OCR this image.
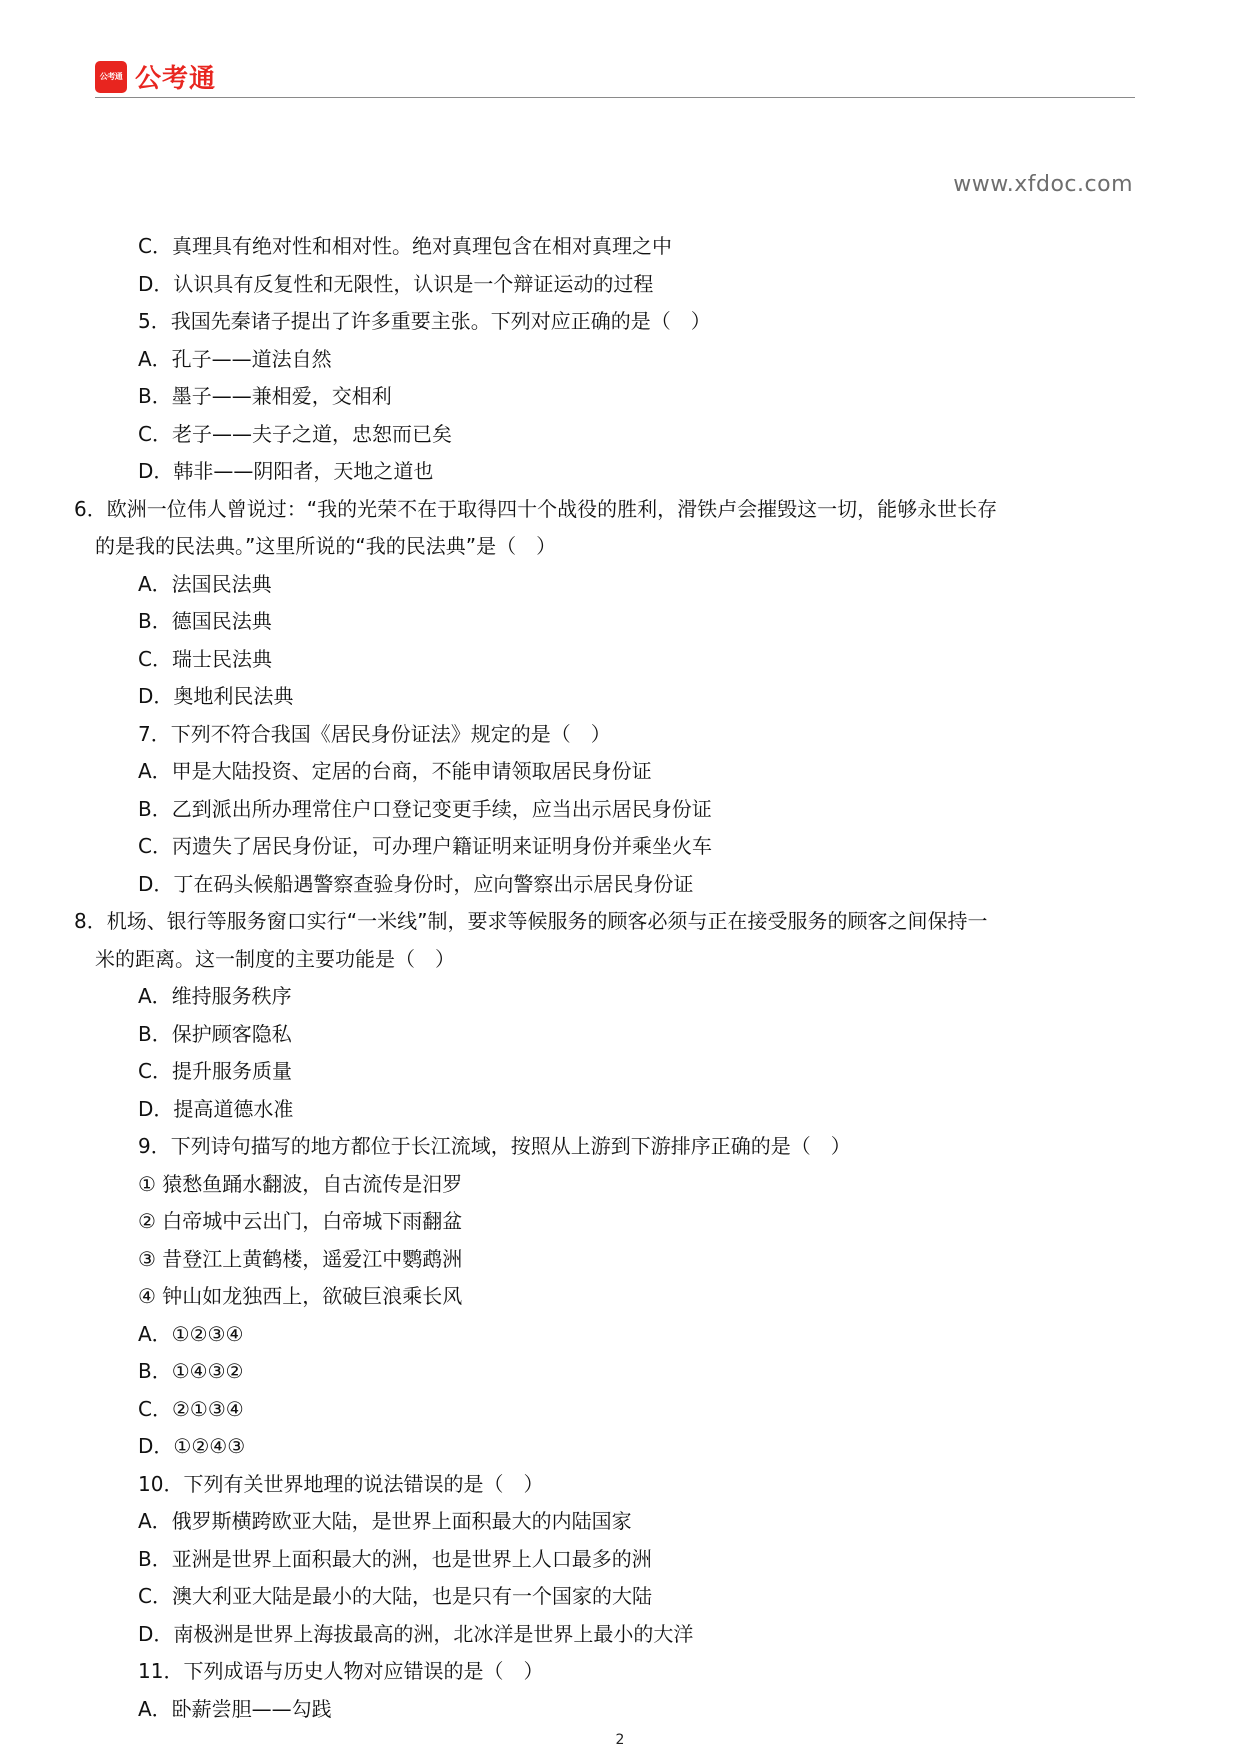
公考通 公考通
www.xfdoc.com
C．真理具有绝对性和相对性。绝对真理包含在相对真理之中
D．认识具有反复性和无限性，认识是一个辩证运动的过程
5．我国先秦诸子提出了许多重要主张。下列对应正确的是（　）
A．孔子——道法自然
B．墨子——兼相爱，交相利
C．老子——夫子之道，忠恕而已矣
D．韩非——阴阳者，天地之道也
6．欧洲一位伟人曾说过：“我的光荣不在于取得四十个战役的胜利，滑铁卢会摧毁这一切，能够永世长存
的是我的民法典。”这里所说的“我的民法典”是（　）
A．法国民法典
B．德国民法典
C．瑞士民法典
D．奥地利民法典
7．下列不符合我国《居民身份证法》规定的是（　）
A．甲是大陆投资、定居的台商，不能申请领取居民身份证
B．乙到派出所办理常住户口登记变更手续，应当出示居民身份证
C．丙遗失了居民身份证，可办理户籍证明来证明身份并乘坐火车
D．丁在码头候船遇警察查验身份时，应向警察出示居民身份证
8．机场、银行等服务窗口实行“一米线”制，要求等候服务的顾客必须与正在接受服务的顾客之间保持一
米的距离。这一制度的主要功能是（　）
A．维持服务秩序
B．保护顾客隐私
C．提升服务质量
D．提高道德水准
9．下列诗句描写的地方都位于长江流域，按照从上游到下游排序正确的是（　）
① 猿愁鱼踊水翻波，自古流传是汨罗
② 白帝城中云出门，白帝城下雨翻盆
③ 昔登江上黄鹤楼，遥爱江中鹦鹉洲
④ 钟山如龙独西上，欲破巨浪乘长风
A．①②③④
B．①④③②
C．②①③④
D．①②④③
10．下列有关世界地理的说法错误的是（　）
A．俄罗斯横跨欧亚大陆，是世界上面积最大的内陆国家
B．亚洲是世界上面积最大的洲，也是世界上人口最多的洲
C．澳大利亚大陆是最小的大陆，也是只有一个国家的大陆
D．南极洲是世界上海拔最高的洲，北冰洋是世界上最小的大洋
11．下列成语与历史人物对应错误的是（　）
A．卧薪尝胆——勾践
2
